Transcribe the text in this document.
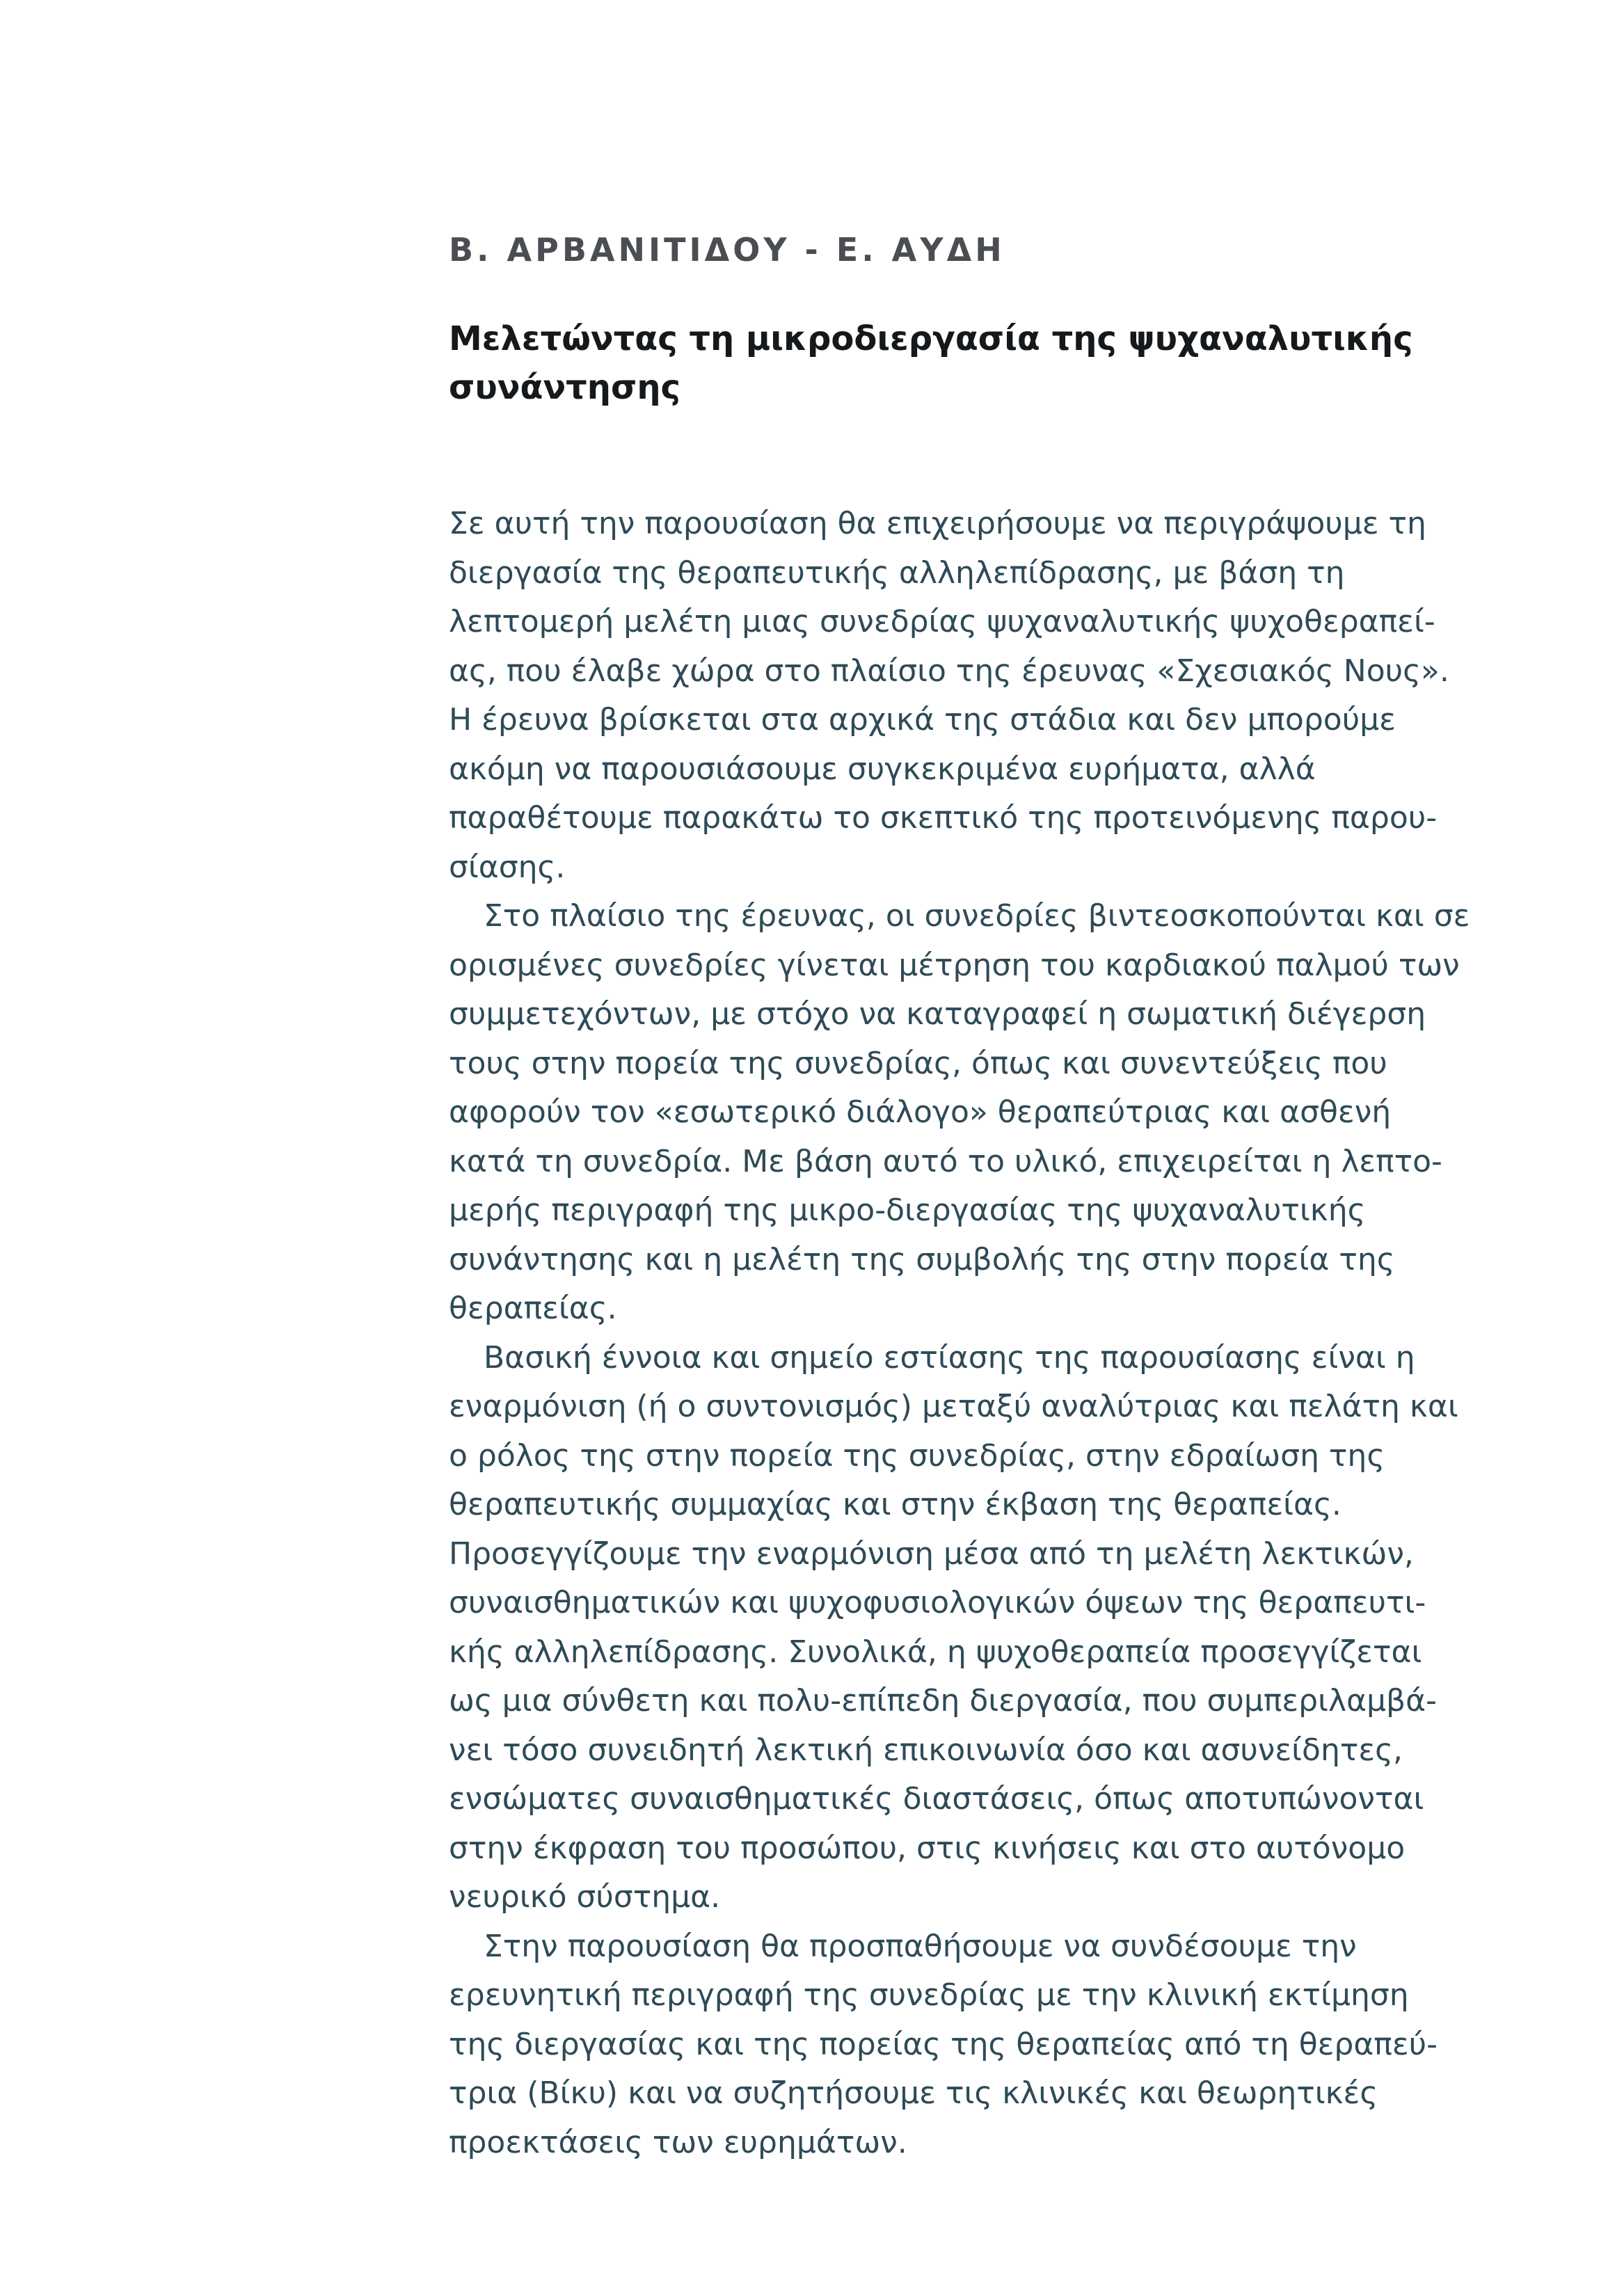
Β. ΑΡΒΑΝΙΤΙΔΟΥ - Ε. ΑΥΔΗ
Μελετώντας τη μικροδιεργασία της ψυχαναλυτικής
συνάντησης
Σε αυτή την παρουσίαση θα επιχειρήσουμε να περιγράψουμε τη
διεργασία της θεραπευτικής αλληλεπίδρασης, με βάση τη
λεπτομερή μελέτη μιας συνεδρίας ψυχαναλυτικής ψυχοθεραπεί-
ας, που έλαβε χώρα στο πλαίσιο της έρευνας «Σχεσιακός Νους».
Η έρευνα βρίσκεται στα αρχικά της στάδια και δεν μπορούμε
ακόμη να παρουσιάσουμε συγκεκριμένα ευρήματα, αλλά
παραθέτουμε παρακάτω το σκεπτικό της προτεινόμενης παρου-
σίασης.
Στο πλαίσιο της έρευνας, οι συνεδρίες βιντεοσκοπούνται και σε
ορισμένες συνεδρίες γίνεται μέτρηση του καρδιακού παλμού των
συμμετεχόντων, με στόχο να καταγραφεί η σωματική διέγερση
τους στην πορεία της συνεδρίας, όπως και συνεντεύξεις που
αφορούν τον «εσωτερικό διάλογο» θεραπεύτριας και ασθενή
κατά τη συνεδρία. Με βάση αυτό το υλικό, επιχειρείται η λεπτο-
μερής περιγραφή της μικρο-διεργασίας της ψυχαναλυτικής
συνάντησης και η μελέτη της συμβολής της στην πορεία της
θεραπείας.
Βασική έννοια και σημείο εστίασης της παρουσίασης είναι η
εναρμόνιση (ή ο συντονισμός) μεταξύ αναλύτριας και πελάτη και
ο ρόλος της στην πορεία της συνεδρίας, στην εδραίωση της
θεραπευτικής συμμαχίας και στην έκβαση της θεραπείας.
Προσεγγίζουμε την εναρμόνιση μέσα από τη μελέτη λεκτικών,
συναισθηματικών και ψυχοφυσιολογικών όψεων της θεραπευτι-
κής αλληλεπίδρασης. Συνολικά, η ψυχοθεραπεία προσεγγίζεται
ως μια σύνθετη και πολυ-επίπεδη διεργασία, που συμπεριλαμβά-
νει τόσο συνειδητή λεκτική επικοινωνία όσο και ασυνείδητες,
ενσώματες συναισθηματικές διαστάσεις, όπως αποτυπώνονται
στην έκφραση του προσώπου, στις κινήσεις και στο αυτόνομο
νευρικό σύστημα.
Στην παρουσίαση θα προσπαθήσουμε να συνδέσουμε την
ερευνητική περιγραφή της συνεδρίας με την κλινική εκτίμηση
της διεργασίας και της πορείας της θεραπείας από τη θεραπεύ-
τρια (Βίκυ) και να συζητήσουμε τις κλινικές και θεωρητικές
προεκτάσεις των ευρημάτων.
